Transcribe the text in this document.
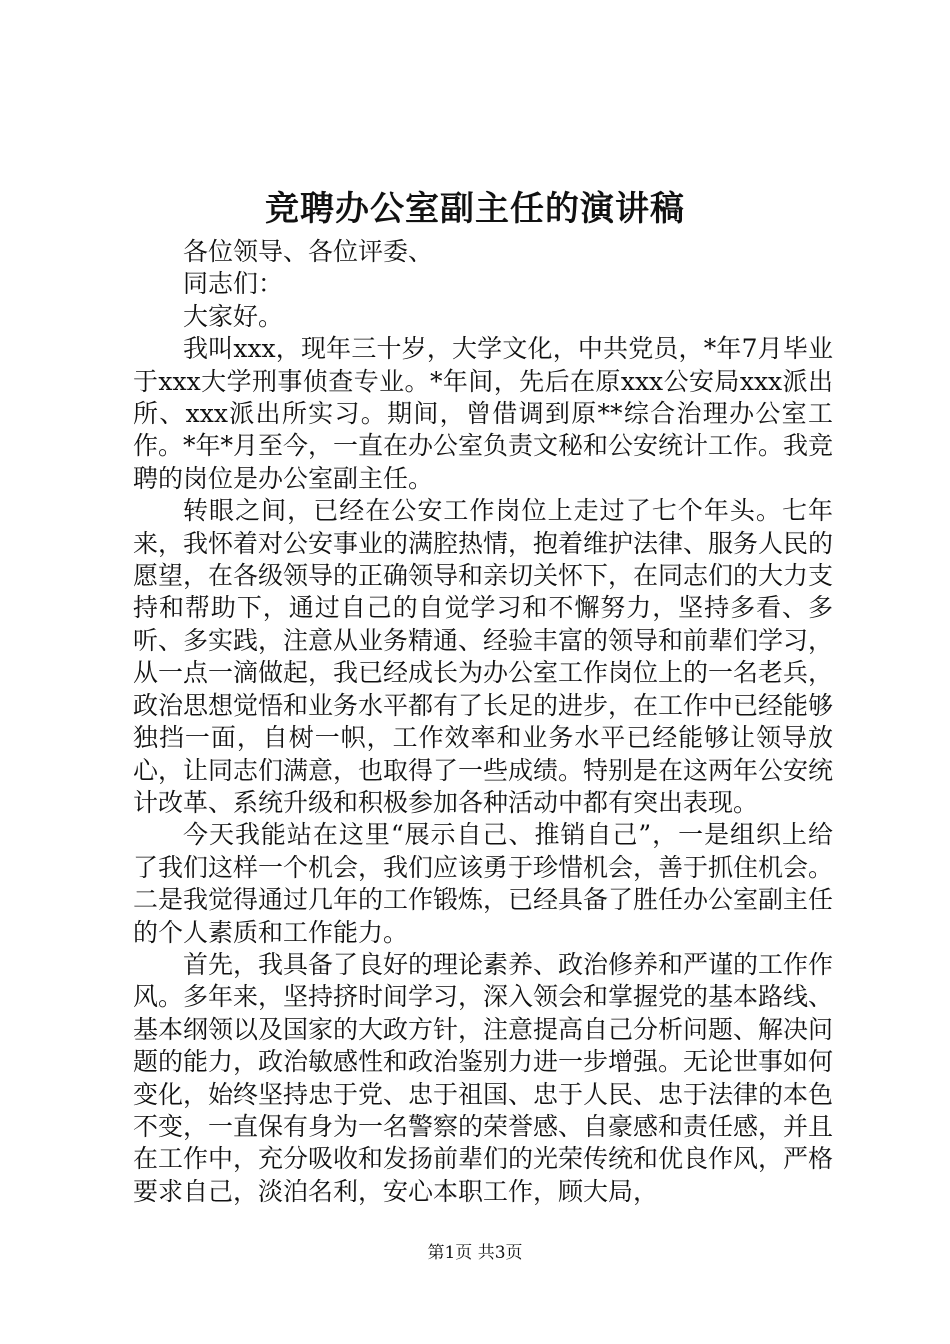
竞聘办公室副主任的演讲稿

各位领导、各位评委、

同志们：

大家好。

我叫xxx，现年三十岁，大学文化，中共党员，*年7月毕业于xxx大学刑事侦查专业。*年间，先后在原xxx公安局xxx派出所、xxx派出所实习。期间，曾借调到原**综合治理办公室工作。*年*月至今，一直在办公室负责文秘和公安统计工作。我竞聘的岗位是办公室副主任。

转眼之间，已经在公安工作岗位上走过了七个年头。七年来，我怀着对公安事业的满腔热情，抱着维护法律、服务人民的愿望，在各级领导的正确领导和亲切关怀下，在同志们的大力支持和帮助下，通过自己的自觉学习和不懈努力，坚持多看、多听、多实践，注意从业务精通、经验丰富的领导和前辈们学习，从一点一滴做起，我已经成长为办公室工作岗位上的一名老兵，政治思想觉悟和业务水平都有了长足的进步，在工作中已经能够独挡一面，自树一帜，工作效率和业务水平已经能够让领导放心，让同志们满意，也取得了一些成绩。特别是在这两年公安统计改革、系统升级和积极参加各种活动中都有突出表现。

今天我能站在这里“展示自己、推销自己”，一是组织上给了我们这样一个机会，我们应该勇于珍惜机会，善于抓住机会。二是我觉得通过几年的工作锻炼，已经具备了胜任办公室副主任的个人素质和工作能力。

首先，我具备了良好的理论素养、政治修养和严谨的工作作风。多年来，坚持挤时间学习，深入领会和掌握党的基本路线、基本纲领以及国家的大政方针，注意提高自己分析问题、解决问题的能力，政治敏感性和政治鉴别力进一步增强。无论世事如何变化，始终坚持忠于党、忠于祖国、忠于人民、忠于法律的本色不变，一直保有身为一名警察的荣誉感、自豪感和责任感，并且在工作中，充分吸收和发扬前辈们的光荣传统和优良作风，严格要求自己，淡泊名利，安心本职工作，顾大局，

第1页 共3页
